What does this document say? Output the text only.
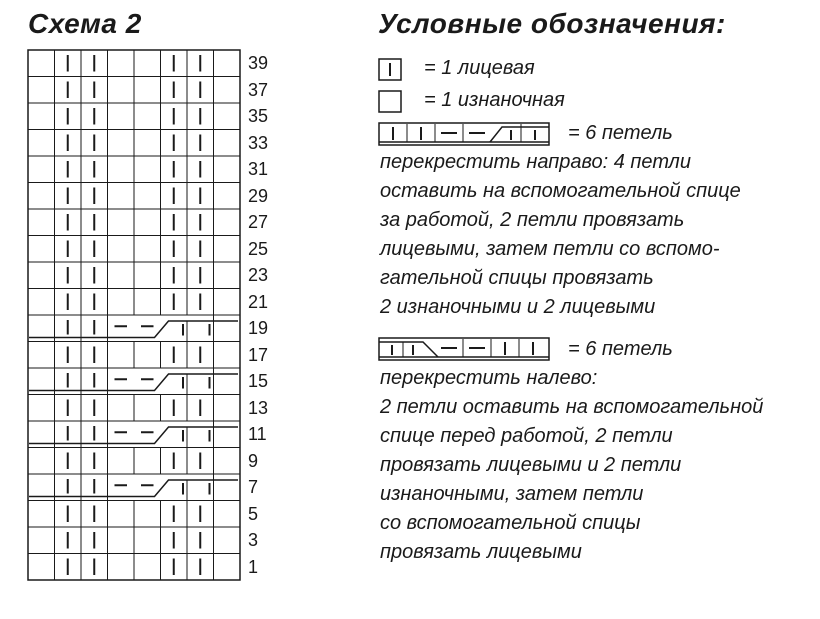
Схема 2	Условные обозначения:
39
37
35
33
31
29
27
25
23
21
19
17
15
13
11
9
7
5
3
1
= 1 лицевая
= 1 изнаночная
= 6 петель
перекрестить направо: 4 петли
оставить на вспомогательной спице
за работой, 2 петли провязать
лицевыми, затем петли со вспомо-
гательной спицы провязать
2 изнаночными и 2 лицевыми
= 6 петель
перекрестить налево:
2 петли оставить на вспомогательной
спице перед работой, 2 петли
провязать лицевыми и 2 петли
изнаночными, затем петли
со вспомогательной спицы
провязать лицевыми
